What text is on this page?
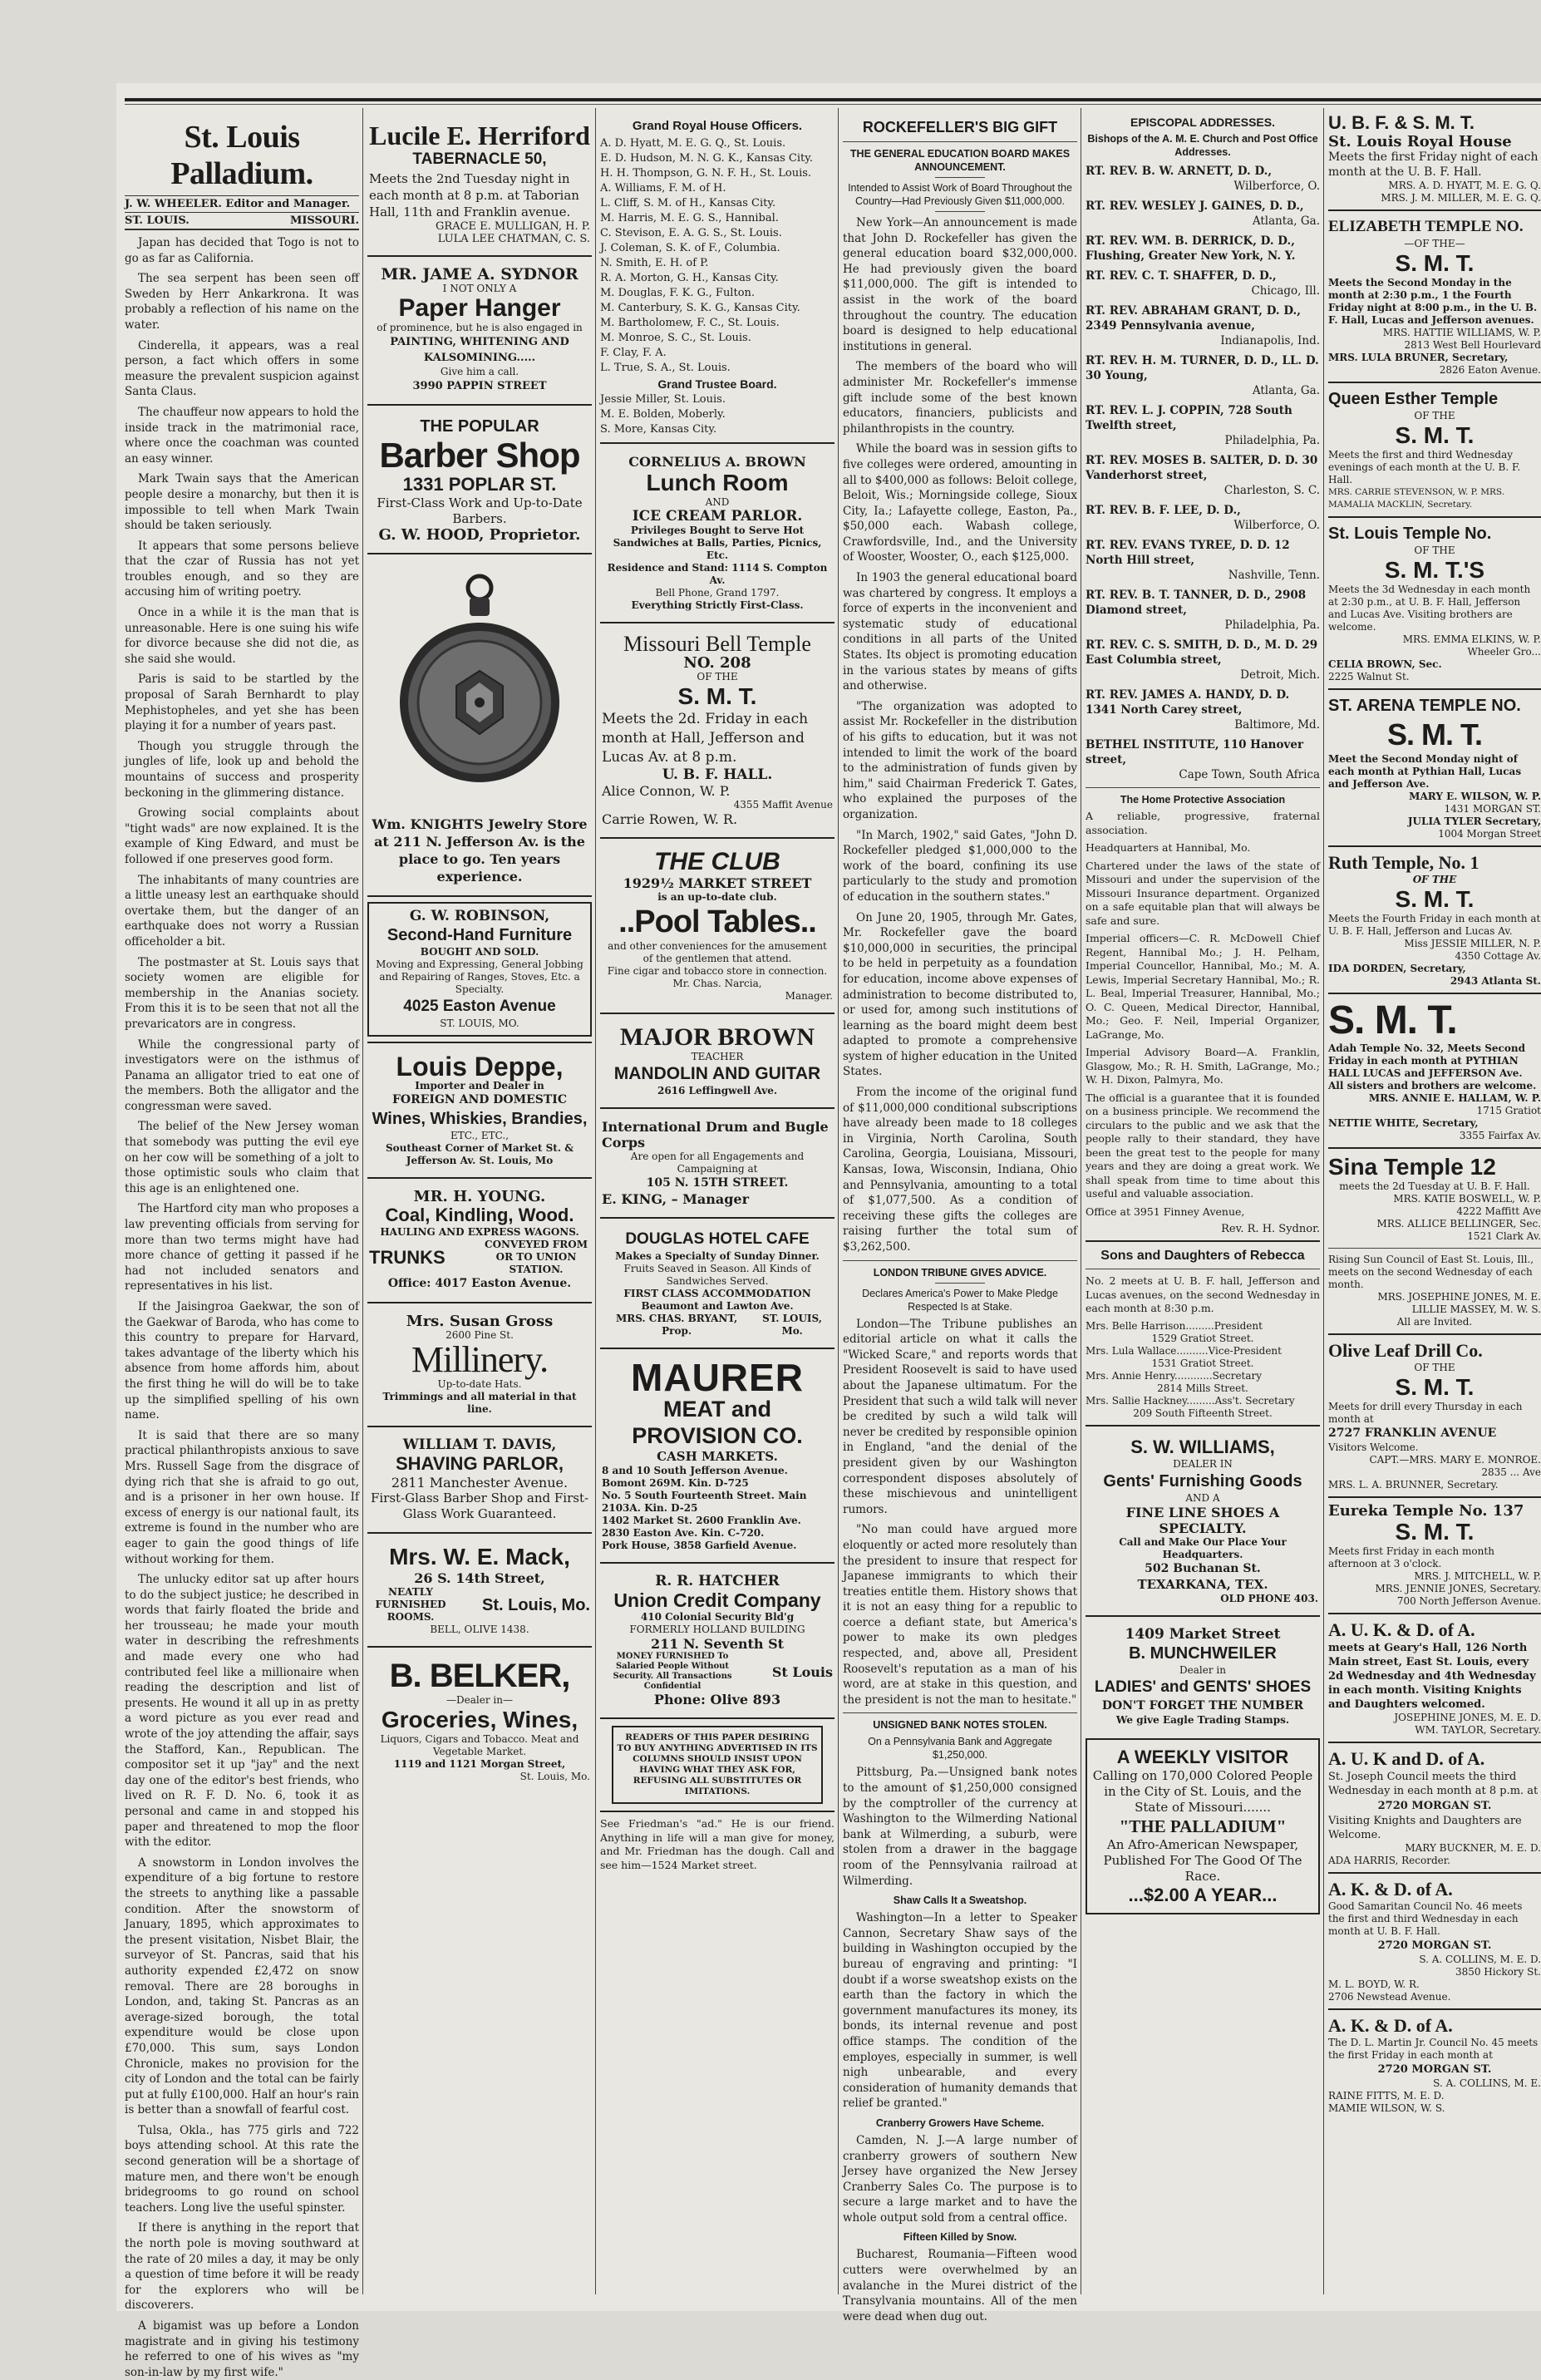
St. Louis Palladium.
J. W. WHEELER. Editor and Manager.
ST. LOUIS.	MISSOURI.

Japan has decided that Togo is not to go as far as California.

The sea serpent has been seen off Sweden by Herr Ankarkrona. It was probably a reflection of his name on the water.

Cinderella, it appears, was a real person, a fact which offers in some measure the prevalent suspicion against Santa Claus.

The chauffeur now appears to hold the inside track in the matrimonial race, where once the coachman was counted an easy winner.

Mark Twain says that the American people desire a monarchy, but then it is impossible to tell when Mark Twain should be taken seriously.

It appears that some persons believe that the czar of Russia has not yet troubles enough, and so they are accusing him of writing poetry.

Once in a while it is the man that is unreasonable. Here is one suing his wife for divorce because she did not die, as she said she would.

Paris is said to be startled by the proposal of Sarah Bernhardt to play Mephistopheles, and yet she has been playing it for a number of years past.

Though you struggle through the jungles of life, look up and behold the mountains of success and prosperity beckoning in the glimmering distance.

Growing social complaints about "tight wads" are now explained. It is the example of King Edward, and must be followed if one preserves good form.

The inhabitants of many countries are a little uneasy lest an earthquake should overtake them, but the danger of an earthquake does not worry a Russian officeholder a bit.

The postmaster at St. Louis says that society women are eligible for membership in the Ananias society. From this it is to be seen that not all the prevaricators are in congress.

While the congressional party of investigators were on the isthmus of Panama an alligator tried to eat one of the members. Both the alligator and the congressman were saved.

The belief of the New Jersey woman that somebody was putting the evil eye on her cow will be something of a jolt to those optimistic souls who claim that this age is an enlightened one.

The Hartford city man who proposes a law preventing officials from serving for more than two terms might have had more chance of getting it passed if he had not included senators and representatives in his list.

If the Jaisingroa Gaekwar, the son of the Gaekwar of Baroda, who has come to this country to prepare for Harvard, takes advantage of the liberty which his absence from home affords him, about the first thing he will do will be to take up the simplified spelling of his own name.

It is said that there are so many practical philanthropists anxious to save Mrs. Russell Sage from the disgrace of dying rich that she is afraid to go out, and is a prisoner in her own house. If excess of energy is our national fault, its extreme is found in the number who are eager to gain the good things of life without working for them.

The unlucky editor sat up after hours to do the subject justice; he described in words that fairly floated the bride and her trousseau; he made your mouth water in describing the refreshments and made every one who had contributed feel like a millionaire when reading the description and list of presents. He wound it all up in as pretty a word picture as you ever read and wrote of the joy attending the affair, says the Stafford, Kan., Republican. The compositor set it up "jay" and the next day one of the editor's best friends, who lived on R. F. D. No. 6, took it as personal and came in and stopped his paper and threatened to mop the floor with the editor.

A snowstorm in London involves the expenditure of a big fortune to restore the streets to anything like a passable condition. After the snowstorm of January, 1895, which approximates to the present visitation, Nisbet Blair, the surveyor of St. Pancras, said that his authority expended £2,472 on snow removal. There are 28 boroughs in London, and, taking St. Pancras as an average-sized borough, the total expenditure would be close upon £70,000. This sum, says London Chronicle, makes no provision for the city of London and the total can be fairly put at fully £100,000. Half an hour's rain is better than a snowfall of fearful cost.

Tulsa, Okla., has 775 girls and 722 boys attending school. At this rate the second generation will be a shortage of mature men, and there won't be enough bridegrooms to go round on school teachers. Long live the useful spinster.

If there is anything in the report that the north pole is moving southward at the rate of 20 miles a day, it may be only a question of time before it will be ready for the explorers who will be discoverers.

A bigamist was up before a London magistrate and in giving his testimony he referred to one of his wives as "my son-in-law by my first wife."

Lucile E. Herriford
TABERNACLE 50,
Meets the 2nd Tuesday night in each month at 8 p.m. at Taborian Hall, 11th and Franklin avenue.
GRACE E. MULLIGAN, H. P.
LULA LEE CHATMAN, C. S.
MR. JAME A. SYDNOR
I NOT ONLY A
Paper Hanger
of prominence, but he is also engaged in
PAINTING, WHITENING AND KALSOMINING.....
Give him a call.
3990 PAPPIN STREET
THE POPULAR
Barber Shop
1331 POPLAR ST.
First-Class Work and Up-to-Date Barbers.
G. W. HOOD, Proprietor.
Wm. KNIGHTS Jewelry Store at 211 N. Jefferson Av. is the place to go. Ten years experience.
G. W. ROBINSON,
Second-Hand Furniture
BOUGHT AND SOLD.
Moving and Expressing, General Jobbing and Repairing of Ranges, Stoves, Etc. a Specialty.
4025 Easton Avenue
ST. LOUIS, MO.
Louis Deppe,
Importer and Dealer in
FOREIGN AND DOMESTIC
Wines, Whiskies, Brandies,
ETC., ETC.,
Southeast Corner of Market St. & Jefferson Av. St. Louis, Mo
MR. H. YOUNG.
Coal, Kindling, Wood.
HAULING AND EXPRESS WAGONS.
TRUNKS
CONVEYED FROM OR TO UNION STATION.
Office: 4017 Easton Avenue.
Mrs. Susan Gross
2600 Pine St.
Millinery.
Up-to-date Hats.
Trimmings and all material in that line.
WILLIAM T. DAVIS,
SHAVING PARLOR,
2811 Manchester Avenue.
First-Glass Barber Shop and First-Glass Work Guaranteed.
Mrs. W. E. Mack,
26 S. 14th Street,
NEATLY FURNISHED ROOMS.
St. Louis, Mo.
BELL, OLIVE 1438.
B. BELKER,
—Dealer in—
Groceries, Wines,
Liquors, Cigars and Tobacco. Meat and Vegetable Market.
1119 and 1121 Morgan Street,
St. Louis, Mo.
Grand Royal House Officers.
A. D. Hyatt, M. E. G. Q., St. Louis.
E. D. Hudson, M. N. G. K., Kansas City.
H. H. Thompson, G. N. F. H., St. Louis.
A. Williams, F. M. of H.
L. Cliff, S. M. of H., Kansas City.
M. Harris, M. E. G. S., Hannibal.
C. Stevison, E. A. G. S., St. Louis.
J. Coleman, S. K. of F., Columbia.
N. Smith, E. H. of P.
R. A. Morton, G. H., Kansas City.
M. Douglas, F. K. G., Fulton.
M. Canterbury, S. K. G., Kansas City.
M. Bartholomew, F. C., St. Louis.
M. Monroe, S. C., St. Louis.
F. Clay, F. A.
L. True, S. A., St. Louis.
Grand Trustee Board.
Jessie Miller, St. Louis.
M. E. Bolden, Moberly.
S. More, Kansas City.
CORNELIUS A. BROWN
Lunch Room
AND
ICE CREAM PARLOR.
Privileges Bought to Serve Hot Sandwiches at Balls, Parties, Picnics, Etc.
Residence and Stand: 1114 S. Compton Av.
Bell Phone, Grand 1797.
Everything Strictly First-Class.
Missouri Bell Temple
NO. 208
OF THE
S. M. T.
Meets the 2d. Friday in each month at Hall, Jefferson and Lucas Av. at 8 p.m.
U. B. F. HALL.
Alice Connon, W. P.
4355 Maffit Avenue
Carrie Rowen, W. R.
THE CLUB
1929½ MARKET STREET
is an up-to-date club.
..Pool Tables..
and other conveniences for the amusement of the gentlemen that attend.
Fine cigar and tobacco store in connection. Mr. Chas. Narcia,
Manager.
MAJOR BROWN
TEACHER
MANDOLIN AND GUITAR
2616 Leffingwell Ave.
International Drum and Bugle Corps
Are open for all Engagements and Campaigning at
105 N. 15TH STREET.
E. KING, – Manager
DOUGLAS HOTEL CAFE
Makes a Specialty of Sunday Dinner.
Fruits Seaved in Season. All Kinds of Sandwiches Served.
FIRST CLASS ACCOMMODATION
Beaumont and Lawton Ave.
MRS. CHAS. BRYANT, Prop.
ST. LOUIS, Mo.
MAURER
MEAT and PROVISION CO.
CASH MARKETS.
8 and 10 South Jefferson Avenue. Bomont 269M. Kin. D-725
No. 5 South Fourteenth Street. Main 2103A. Kin. D-25
1402 Market St. 2600 Franklin Ave.
2830 Easton Ave. Kin. C-720.
Pork House, 3858 Garfield Avenue.
R. R. HATCHER
Union Credit Company
410 Colonial Security Bld'g
FORMERLY HOLLAND BUILDING
211 N. Seventh St
MONEY FURNISHED To Salaried People Without Security. All Transactions Confidential
St Louis
Phone: Olive 893
READERS OF THIS PAPER DESIRING TO BUY ANYTHING ADVERTISED IN ITS COLUMNS SHOULD INSIST UPON HAVING WHAT THEY ASK FOR, REFUSING ALL SUBSTITUTES OR IMITATIONS.

See Friedman's "ad." He is our friend. Anything in life will a man give for money, and Mr. Friedman has the dough. Call and see him—1524 Market street.

ROCKEFELLER'S BIG GIFT
THE GENERAL EDUCATION BOARD MAKES ANNOUNCEMENT.
Intended to Assist Work of Board Throughout the Country—Had Previously Given $11,000,000.

New York—An announcement is made that John D. Rockefeller has given the general education board $32,000,000. He had previously given the board $11,000,000. The gift is intended to assist in the work of the board throughout the country. The education board is designed to help educational institutions in general.

The members of the board who will administer Mr. Rockefeller's immense gift include some of the best known educators, financiers, publicists and philanthropists in the country.

While the board was in session gifts to five colleges were ordered, amounting in all to $400,000 as follows: Beloit college, Beloit, Wis.; Morningside college, Sioux City, Ia.; Lafayette college, Easton, Pa., $50,000 each. Wabash college, Crawfordsville, Ind., and the University of Wooster, Wooster, O., each $125,000.

In 1903 the general educational board was chartered by congress. It employs a force of experts in the inconvenient and systematic study of educational conditions in all parts of the United States. Its object is promoting education in the various states by means of gifts and otherwise.

"The organization was adopted to assist Mr. Rockefeller in the distribution of his gifts to education, but it was not intended to limit the work of the board to the administration of funds given by him," said Chairman Frederick T. Gates, who explained the purposes of the organization.

"In March, 1902," said Gates, "John D. Rockefeller pledged $1,000,000 to the work of the board, confining its use particularly to the study and promotion of education in the southern states."

On June 20, 1905, through Mr. Gates, Mr. Rockefeller gave the board $10,000,000 in securities, the principal to be held in perpetuity as a foundation for education, income above expenses of administration to become distributed to, or used for, among such institutions of learning as the board might deem best adapted to promote a comprehensive system of higher education in the United States.

From the income of the original fund of $11,000,000 conditional subscriptions have already been made to 18 colleges in Virginia, North Carolina, South Carolina, Georgia, Louisiana, Missouri, Kansas, Iowa, Wisconsin, Indiana, Ohio and Pennsylvania, amounting to a total of $1,077,500. As a condition of receiving these gifts the colleges are raising further the total sum of $3,262,500.

LONDON TRIBUNE GIVES ADVICE.
Declares America's Power to Make Pledge Respected Is at Stake.

London—The Tribune publishes an editorial article on what it calls the "Wicked Scare," and reports words that President Roosevelt is said to have used about the Japanese ultimatum. For the President that such a wild talk will never be credited by such a wild talk will never be credited by responsible opinion in England, "and the denial of the president given by our Washington correspondent disposes absolutely of these mischievous and unintelligent rumors.

"No man could have argued more eloquently or acted more resolutely than the president to insure that respect for Japanese immigrants to which their treaties entitle them. History shows that it is not an easy thing for a republic to coerce a defiant state, but America's power to make its own pledges respected, and, above all, President Roosevelt's reputation as a man of his word, are at stake in this question, and the president is not the man to hesitate."

UNSIGNED BANK NOTES STOLEN.
On a Pennsylvania Bank and Aggregate $1,250,000.

Pittsburg, Pa.—Unsigned bank notes to the amount of $1,250,000 consigned by the comptroller of the currency at Washington to the Wilmerding National bank at Wilmerding, a suburb, were stolen from a drawer in the baggage room of the Pennsylvania railroad at Wilmerding.

Shaw Calls It a Sweatshop.

Washington—In a letter to Speaker Cannon, Secretary Shaw says of the building in Washington occupied by the bureau of engraving and printing: "I doubt if a worse sweatshop exists on the earth than the factory in which the government manufactures its money, its bonds, its internal revenue and post office stamps. The condition of the employes, especially in summer, is well nigh unbearable, and every consideration of humanity demands that relief be granted."

Cranberry Growers Have Scheme.

Camden, N. J.—A large number of cranberry growers of southern New Jersey have organized the New Jersey Cranberry Sales Co. The purpose is to secure a large market and to have the whole output sold from a central office.

Fifteen Killed by Snow.

Bucharest, Roumania—Fifteen wood cutters were overwhelmed by an avalanche in the Murei district of the Transylvania mountains. All of the men were dead when dug out.

EPISCOPAL ADDRESSES.
Bishops of the A. M. E. Church and Post Office Addresses.
RT. REV. B. W. ARNETT, D. D.,
Wilberforce, O.
RT. REV. WESLEY J. GAINES, D. D.,
Atlanta, Ga.
RT. REV. WM. B. DERRICK, D. D., Flushing, Greater New York, N. Y.
RT. REV. C. T. SHAFFER, D. D.,
Chicago, Ill.
RT. REV. ABRAHAM GRANT, D. D., 2349 Pennsylvania avenue,
Indianapolis, Ind.
RT. REV. H. M. TURNER, D. D., LL. D. 30 Young,
Atlanta, Ga.
RT. REV. L. J. COPPIN, 728 South Twelfth street,
Philadelphia, Pa.
RT. REV. MOSES B. SALTER, D. D. 30 Vanderhorst street,
Charleston, S. C.
RT. REV. B. F. LEE, D. D.,
Wilberforce, O.
RT. REV. EVANS TYREE, D. D. 12 North Hill street,
Nashville, Tenn.
RT. REV. B. T. TANNER, D. D., 2908 Diamond street,
Philadelphia, Pa.
RT. REV. C. S. SMITH, D. D., M. D. 29 East Columbia street,
Detroit, Mich.
RT. REV. JAMES A. HANDY, D. D. 1341 North Carey street,
Baltimore, Md.
BETHEL INSTITUTE, 110 Hanover street,
Cape Town, South Africa
The Home Protective Association

A reliable, progressive, fraternal association.

Headquarters at Hannibal, Mo.

Chartered under the laws of the state of Missouri and under the supervision of the Missouri Insurance department. Organized on a safe equitable plan that will always be safe and sure.

Imperial officers—C. R. McDowell Chief Regent, Hannibal Mo.; J. H. Pelham, Imperial Councellor, Hannibal, Mo.; M. A. Lewis, Imperial Secretary Hannibal, Mo.; R. L. Beal, Imperial Treasurer, Hannibal, Mo.; O. C. Queen, Medical Director, Hannibal, Mo.; Geo. F. Neil, Imperial Organizer, LaGrange, Mo.

Imperial Advisory Board—A. Franklin, Glasgow, Mo.; R. H. Smith, LaGrange, Mo.; W. H. Dixon, Palmyra, Mo.

The official is a guarantee that it is founded on a business principle. We recommend the circulars to the public and we ask that the people rally to their standard, they have been the great test to the people for many years and they are doing a great work. We shall speak from time to time about this useful and valuable association.

Office at 3951 Finney Avenue,

Rev. R. H. Sydnor.
Sons and Daughters of Rebecca

No. 2 meets at U. B. F. hall, Jefferson and Lucas avenues, on the second Wednesday in each month at 8:30 p.m.

Mrs. Belle Harrison.........President
1529 Gratiot Street.
Mrs. Lula Wallace..........Vice-President
1531 Gratiot Street.
Mrs. Annie Henry............Secretary
2814 Mills Street.
Mrs. Sallie Hackney.........Ass't. Secretary
209 South Fifteenth Street.
S. W. WILLIAMS,
DEALER IN
Gents' Furnishing Goods
AND A
FINE LINE SHOES A SPECIALTY.
Call and Make Our Place Your Headquarters.
502 Buchanan St.
TEXARKANA, TEX.
OLD PHONE 403.
1409 Market Street
B. MUNCHWEILER
Dealer in
LADIES' and GENTS' SHOES
DON'T FORGET THE NUMBER
We give Eagle Trading Stamps.
A WEEKLY VISITOR
Calling on 170,000 Colored People in the City of St. Louis, and the State of Missouri.......
"THE PALLADIUM"
An Afro-American Newspaper, Published For The Good Of The Race.
...$2.00 A YEAR...
U. B. F. & S. M. T.
St. Louis Royal House
Meets the first Friday night of each month at the U. B. F. Hall.
MRS. A. D. HYATT, M. E. G. Q.
MRS. J. M. MILLER, M. E. G. Q.
ELIZABETH TEMPLE NO.
—OF THE—
S. M. T.
Meets the Second Monday in the month at 2:30 p.m., 1 the Fourth Friday night at 8:00 p.m., in the U. B. F. Hall, Lucas and Jefferson avenues.
MRS. HATTIE WILLIAMS, W. P.
2813 West Bell Hourlevard
MRS. LULA BRUNER, Secretary,
2826 Eaton Avenue.
Queen Esther Temple
OF THE
S. M. T.
Meets the first and third Wednesday evenings of each month at the U. B. F. Hall.
MRS. CARRIE STEVENSON, W. P. MRS. MAMALIA MACKLIN, Secretary.
St. Louis Temple No.
OF THE
S. M. T.'S
Meets the 3d Wednesday in each month at 2:30 p.m., at U. B. F. Hall, Jefferson and Lucas Ave. Visiting brothers are welcome.
MRS. EMMA ELKINS, W. P.
Wheeler Gro...
CELIA BROWN, Sec.
2225 Walnut St.
ST. ARENA TEMPLE NO.
S. M. T.
Meet the Second Monday night of each month at Pythian Hall, Lucas and Jefferson Ave.
MARY E. WILSON, W. P.
1431 MORGAN ST.
JULIA TYLER Secretary,
1004 Morgan Street
Ruth Temple, No. 1
OF THE
S. M. T.
Meets the Fourth Friday in each month at U. B. F. Hall, Jefferson and Lucas Av.
Miss JESSIE MILLER, N. P.
4350 Cottage Av.
IDA DORDEN, Secretary,
2943 Atlanta St.
S. M. T.
Adah Temple No. 32, Meets Second Friday in each month at PYTHIAN HALL LUCAS and JEFFERSON Ave. All sisters and brothers are welcome.
MRS. ANNIE E. HALLAM, W. P.
1715 Gratiot
NETTIE WHITE, Secretary,
3355 Fairfax Av.
Sina Temple 12
meets the 2d Tuesday at U. B. F. Hall.
MRS. KATIE BOSWELL, W. P.
4222 Maffitt Ave
MRS. ALLICE BELLINGER, Sec.
1521 Clark Av.
Rising Sun Council of East St. Louis, Ill., meets on the second Wednesday of each month.
MRS. JOSEPHINE JONES, M. E.
LILLIE MASSEY, M. W. S.
All are Invited.
Olive Leaf Drill Co.
OF THE
S. M. T.
Meets for drill every Thursday in each month at
2727 FRANKLIN AVENUE
Visitors Welcome.
CAPT.—MRS. MARY E. MONROE.
2835 ... Ave
MRS. L. A. BRUNNER, Secretary.
Eureka Temple No. 137
S. M. T.
Meets first Friday in each month afternoon at 3 o'clock.
MRS. J. MITCHELL, W. P.
MRS. JENNIE JONES, Secretary.
700 North Jefferson Avenue.
A. U. K. & D. of A.
meets at Geary's Hall, 126 North Main street, East St. Louis, every 2d Wednesday and 4th Wednesday in each month. Visiting Knights and Daughters welcomed.
JOSEPHINE JONES, M. E. D.
WM. TAYLOR, Secretary.
A. U. K and D. of A.
St. Joseph Council meets the third Wednesday in each month at 8 p.m. at
2720 MORGAN ST.
Visiting Knights and Daughters are Welcome.
MARY BUCKNER, M. E. D.
ADA HARRIS, Recorder.
A. K. & D. of A.
Good Samaritan Council No. 46 meets the first and third Wednesday in each month at U. B. F. Hall.
2720 MORGAN ST.
S. A. COLLINS, M. E. D.
3850 Hickory St.
M. L. BOYD, W. R.
2706 Newstead Avenue.
A. K. & D. of A.
The D. L. Martin Jr. Council No. 45 meets the first Friday in each month at
2720 MORGAN ST.
S. A. COLLINS, M. E.
RAINE FITTS, M. E. D.
MAMIE WILSON, W. S.
